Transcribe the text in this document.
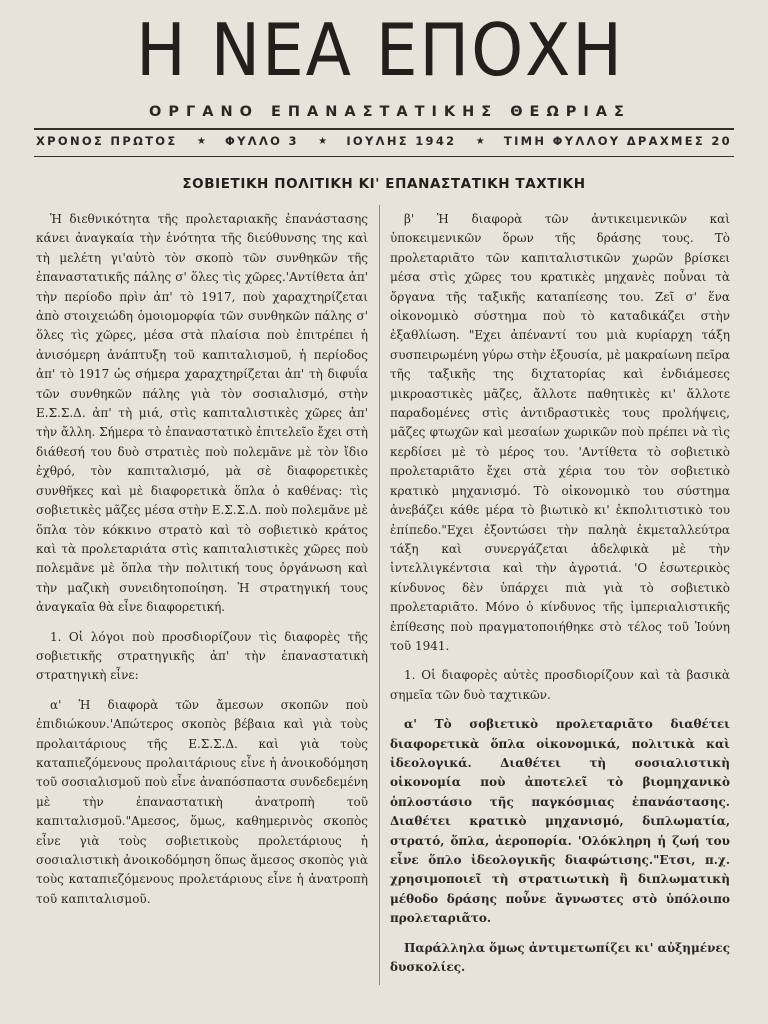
Η ΝΕΑ ΕΠΟΧΗ
ΟΡΓΑΝΟ ΕΠΑΝΑΣΤΑΤΙΚΗΣ ΘΕΩΡΙΑΣ
ΧΡΟΝΟΣ ΠΡΩΤΟΣ ★ ΦΥΛΛΟ 3 ★ ΙΟΥΛΗΣ 1942 ★ ΤΙΜΗ ΦΥΛΛΟΥ ΔΡΑΧΜΕΣ 20
ΣΟΒΙΕΤΙΚΗ ΠΟΛΙΤΙΚΗ ΚΙ' ΕΠΑΝΑΣΤΑΤΙΚΗ ΤΑΧΤΙΚΗ

Ἡ διεθνικότητα τῆς προλεταριακῆς ἐπανάστασης κάνει ἀναγκαία τὴν ἑνότητα τῆς διεύθυνσης της καὶ τὴ μελέτη γι'αὐτὸ τὸν σκοπὸ τῶν συνθηκῶν τῆς ἐπαναστατικῆς πάλης σ' ὅλες τὶς χῶρες.'Αντίθετα ἀπ' τὴν περίοδο πρὶν ἀπ' τὸ 1917, ποὺ χαραχτηρίζεται ἀπὸ στοιχειώδη ὁμοιομορφία τῶν συνθηκῶν πάλης σ' ὅλες τὶς χῶρες, μέσα στὰ πλαίσια ποὺ ἐπιτρέπει ἡ ἀνισόμερη ἀνάπτυξη τοῦ καπιταλισμοῦ, ἡ περίοδος ἀπ' τὸ 1917 ὡς σήμερα χαραχτηρίζεται ἀπ' τὴ διφυΐα τῶν συνθηκῶν πάλης γιὰ τὸν σοσιαλισμό, στὴν Ε.Σ.Σ.Δ. ἀπ' τὴ μιά, στὶς καπιταλιστικὲς χῶρες ἀπ' τὴν ἄλλη. Σήμερα τὸ ἐπαναστατικὸ ἐπιτελεῖο ἔχει στὴ διάθεσή του δυὸ στρατιὲς ποὺ πολεμᾶνε μὲ τὸν ἴδιο ἐχθρό, τὸν καπιταλισμό, μὰ σὲ διαφορετικὲς συνθῆκες καὶ μὲ διαφορετικὰ ὅπλα ὁ καθένας: τὶς σοβιετικὲς μᾶζες μέσα στὴν Ε.Σ.Σ.Δ. ποὺ πολεμᾶνε μὲ ὅπλα τὸν κόκκινο στρατὸ καὶ τὸ σοβιετικὸ κράτος καὶ τὰ προλεταριάτα στὶς καπιταλιστικὲς χῶρες ποὺ πολεμᾶνε μὲ ὅπλα τὴν πολιτική τους ὀργάνωση καὶ τὴν μαζικὴ συνειδητοποίηση. Ἡ στρατηγική τους ἀναγκαῖα θὰ εἶνε διαφορετική.

1. Οἱ λόγοι ποὺ προσδιορίζουν τὶς διαφορὲς τῆς σοβιετικῆς στρατηγικῆς ἀπ' τὴν ἐπαναστατικὴ στρατηγικὴ εἶνε:

α' Ἡ διαφορὰ τῶν ἄμεσων σκοπῶν ποὺ ἐπιδιώκουν.'Απώτερος σκοπὸς βέβαια καὶ γιὰ τοὺς προλαιτάριους τῆς Ε.Σ.Σ.Δ. καὶ γιὰ τοὺς καταπιεζόμενους προλαιτάριους εἶνε ἡ ἀνοικοδόμηση τοῦ σοσιαλισμοῦ ποὺ εἶνε ἀναπόσπαστα συνδεδεμένη μὲ τὴν ἐπαναστατικὴ ἀνατροπὴ τοῦ καπιταλισμοῦ."Αμεσος, ὅμως, καθημερινὸς σκοπὸς εἶνε γιὰ τοὺς σοβιετικοὺς προλετάριους ἡ σοσιαλιστικὴ ἀνοικοδόμηση ὅπως ἄμεσος σκοπὸς γιὰ τοὺς καταπιεζόμενους προλετάριους εἶνε ἡ ἀνατροπὴ τοῦ καπιταλισμοῦ.

β' Ἡ διαφορὰ τῶν ἀντικειμενικῶν καὶ ὑποκειμενικῶν ὅρων τῆς δράσης τους. Τὸ προλεταριᾶτο τῶν καπιταλιστικῶν χωρῶν βρίσκει μέσα στὶς χῶρες του κρατικὲς μηχανὲς ποὖναι τὰ ὄργανα τῆς ταξικῆς καταπίεσης του. Ζεῖ σ' ἕνα οἰκονομικὸ σύστημα ποὺ τὸ καταδικάζει στὴν ἐξαθλίωση. "Εχει ἀπέναντί του μιὰ κυρίαρχη τάξη συσπειρωμένη γύρω στὴν ἐξουσία, μὲ μακραίωνη πεῖρα τῆς ταξικῆς της διχτατορίας καὶ ἐνδιάμεσες μικροαστικὲς μᾶζες, ἄλλοτε παθητικὲς κι' ἄλλοτε παραδομένες στὶς ἀντιδραστικὲς τους προλήψεις, μᾶζες φτωχῶν καὶ μεσαίων χωρικῶν ποὺ πρέπει νὰ τὶς κερδίσει μὲ τὸ μέρος του. 'Αντίθετα τὸ σοβιετικὸ προλεταριᾶτο ἔχει στὰ χέρια του τὸν σοβιετικὸ κρατικὸ μηχανισμό. Τὸ οἰκονομικὸ του σύστημα ἀνεβάζει κάθε μέρα τὸ βιωτικὸ κι' ἐκπολιτιστικὸ του ἐπίπεδο."Εχει ἐξοντώσει τὴν παληὰ ἐκμεταλλεύτρα τάξη καὶ συνεργάζεται ἀδελφικὰ μὲ τὴν ἰντελλιγκέντσια καὶ τὴν ἀγροτιά. 'Ο ἐσωτερικὸς κίνδυνος δὲν ὑπάρχει πιὰ γιὰ τὸ σοβιετικὸ προλεταριᾶτο. Μόνο ὁ κίνδυνος τῆς ἰμπεριαλιστικῆς ἐπίθεσης ποὺ πραγματοποιήθηκε στὸ τέλος τοῦ Ἰούνη τοῦ 1941.

1. Οἱ διαφορὲς αὐτὲς προσδιορίζουν καὶ τὰ βασικὰ σημεῖα τῶν δυὸ ταχτικῶν.

α' Τὸ σοβιετικὸ προλεταριᾶτο διαθέτει διαφορετικὰ ὅπλα οἰκονομικά, πολιτικὰ καὶ ἰδεολογικά. Διαθέτει τὴ σοσιαλιστικὴ οἰκονομία ποὺ ἀποτελεῖ τὸ βιομηχανικὸ ὁπλοστάσιο τῆς παγκόσμιας ἐπανάστασης. Διαθέτει κρατικὸ μηχανισμό, διπλωματία, στρατό, ὅπλα, ἀεροπορία. 'Ολόκληρη ἡ ζωή του εἶνε ὅπλο ἰδεολογικῆς διαφώτισης."Ετσι, π.χ. χρησιμοποιεῖ τὴ στρατιωτικὴ ἢ διπλωματικὴ μέθοδο δράσης ποὖνε ἄγνωστες στὸ ὑπόλοιπο προλεταριᾶτο.

Παράλληλα ὅμως ἀντιμετωπίζει κι' αὐξημένες δυσκολίες.
